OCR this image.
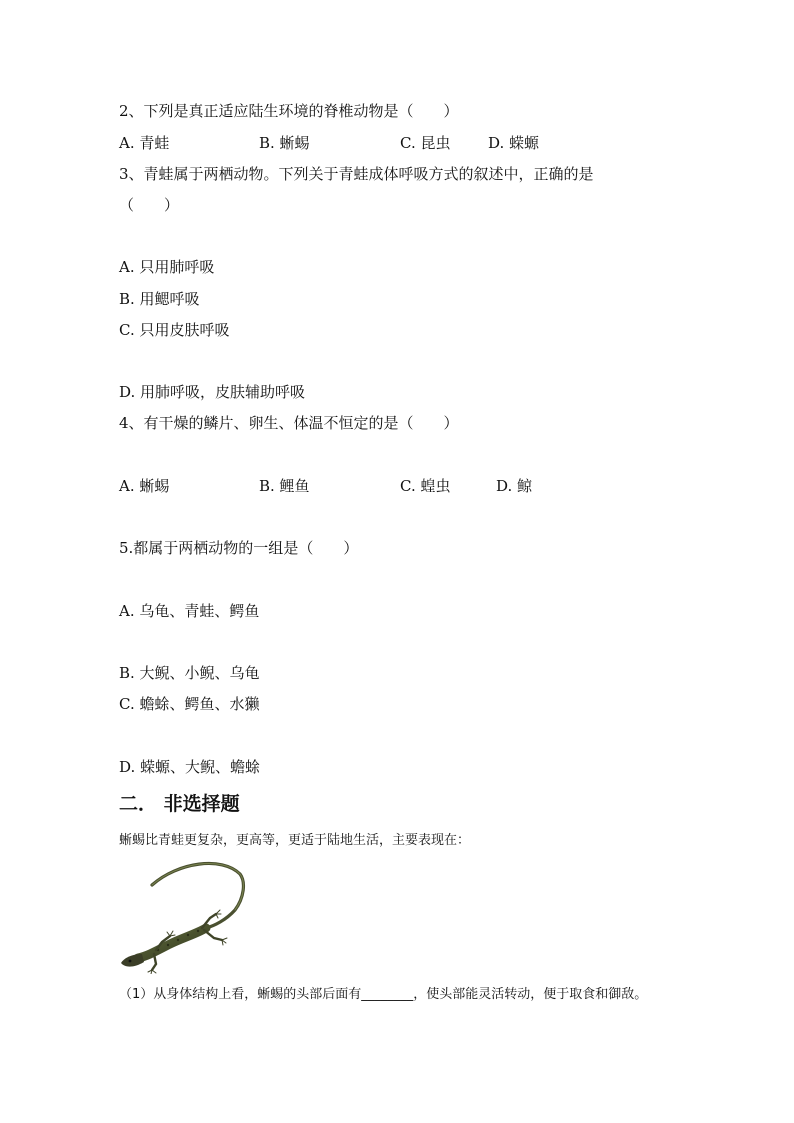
2、下列是真正适应陆生环境的脊椎动物是（　　）
A. 青蛙	B. 蜥蜴	C. 昆虫	D. 蝾螈
3、青蛙属于两栖动物。下列关于青蛙成体呼吸方式的叙述中，正确的是
（　　）
A. 只用肺呼吸
B. 用鳃呼吸
C. 只用皮肤呼吸
D. 用肺呼吸，皮肤辅助呼吸
4、有干燥的鳞片、卵生、体温不恒定的是（　　）
A. 蜥蜴	B. 鲤鱼	C. 蝗虫	D. 鲸
5.都属于两栖动物的一组是（　　）
A. 乌龟、青蛙、鳄鱼
B. 大鲵、小鲵、乌龟
C. 蟾蜍、鳄鱼、水獭
D. 蝾螈、大鲵、蟾蜍
二． 非选择题
蜥蜴比青蛙更复杂，更高等，更适于陆地生活，主要表现在：
（1）从身体结构上看，蜥蜴的头部后面有________，使头部能灵活转动，便于取食和御敌。
